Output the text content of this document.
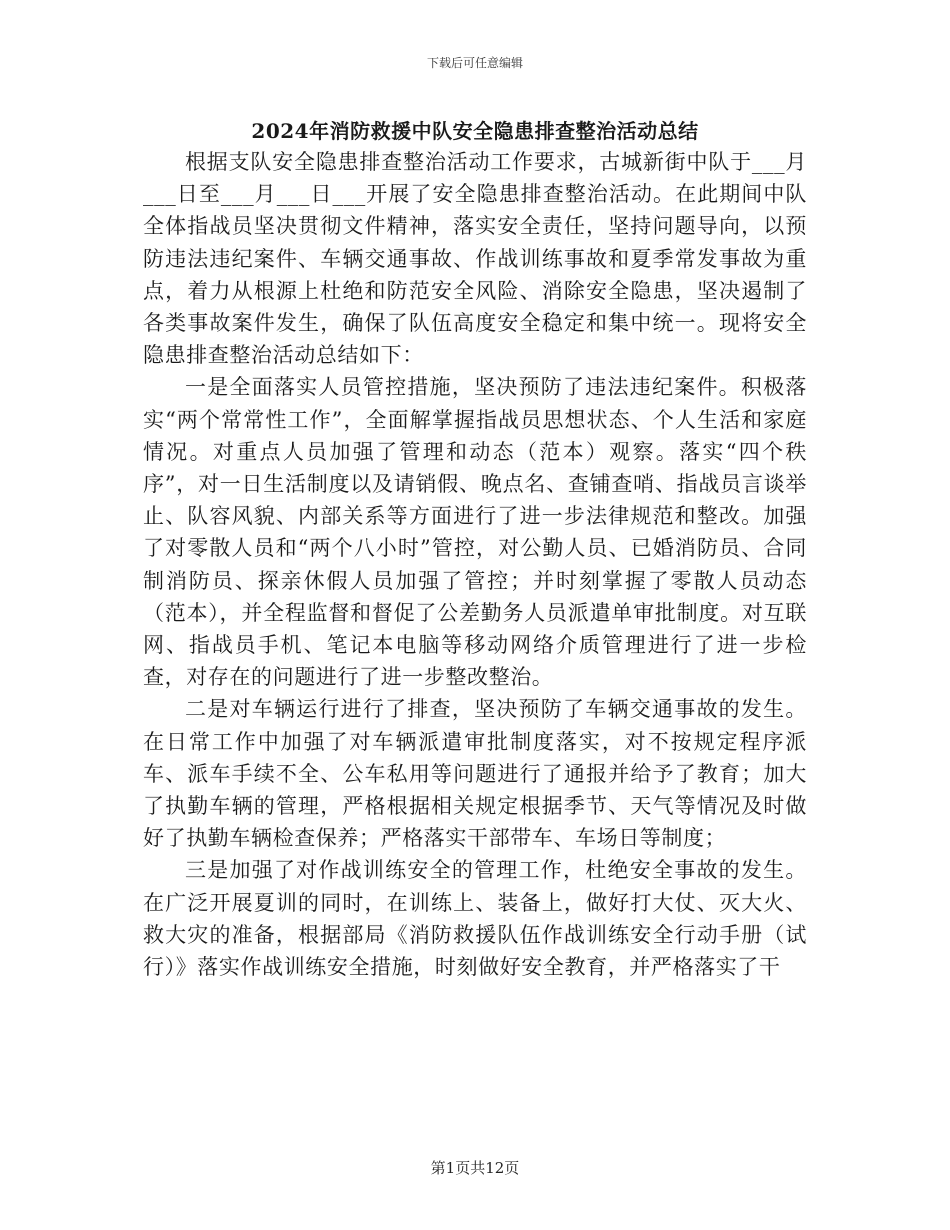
下载后可任意编辑
2024年消防救援中队安全隐患排查整治活动总结

根据支队安全隐患排查整治活动工作要求，古城新街中队于___月___日至___月___日___开展了安全隐患排查整治活动。在此期间中队全体指战员坚决贯彻文件精神，落实安全责任，坚持问题导向，以预防违法违纪案件、车辆交通事故、作战训练事故和夏季常发事故为重点，着力从根源上杜绝和防范安全风险、消除安全隐患，坚决遏制了各类事故案件发生，确保了队伍高度安全稳定和集中统一。现将安全隐患排查整治活动总结如下：

一是全面落实人员管控措施，坚决预防了违法违纪案件。积极落实“两个常常性工作”，全面解掌握指战员思想状态、个人生活和家庭情况。对重点人员加强了管理和动态（范本）观察。落实“四个秩序”，对一日生活制度以及请销假、晚点名、查铺查哨、指战员言谈举止、队容风貌、内部关系等方面进行了进一步法律规范和整改。加强了对零散人员和“两个八小时”管控，对公勤人员、已婚消防员、合同制消防员、探亲休假人员加强了管控；并时刻掌握了零散人员动态（范本），并全程监督和督促了公差勤务人员派遣单审批制度。对互联网、指战员手机、笔记本电脑等移动网络介质管理进行了进一步检查，对存在的问题进行了进一步整改整治。

二是对车辆运行进行了排查，坚决预防了车辆交通事故的发生。在日常工作中加强了对车辆派遣审批制度落实，对不按规定程序派车、派车手续不全、公车私用等问题进行了通报并给予了教育；加大了执勤车辆的管理，严格根据相关规定根据季节、天气等情况及时做好了执勤车辆检查保养；严格落实干部带车、车场日等制度；

三是加强了对作战训练安全的管理工作，杜绝安全事故的发生。在广泛开展夏训的同时，在训练上、装备上，做好打大仗、灭大火、救大灾的准备，根据部局《消防救援队伍作战训练安全行动手册（试行）》落实作战训练安全措施，时刻做好安全教育，并严格落实了干

第1页共12页
